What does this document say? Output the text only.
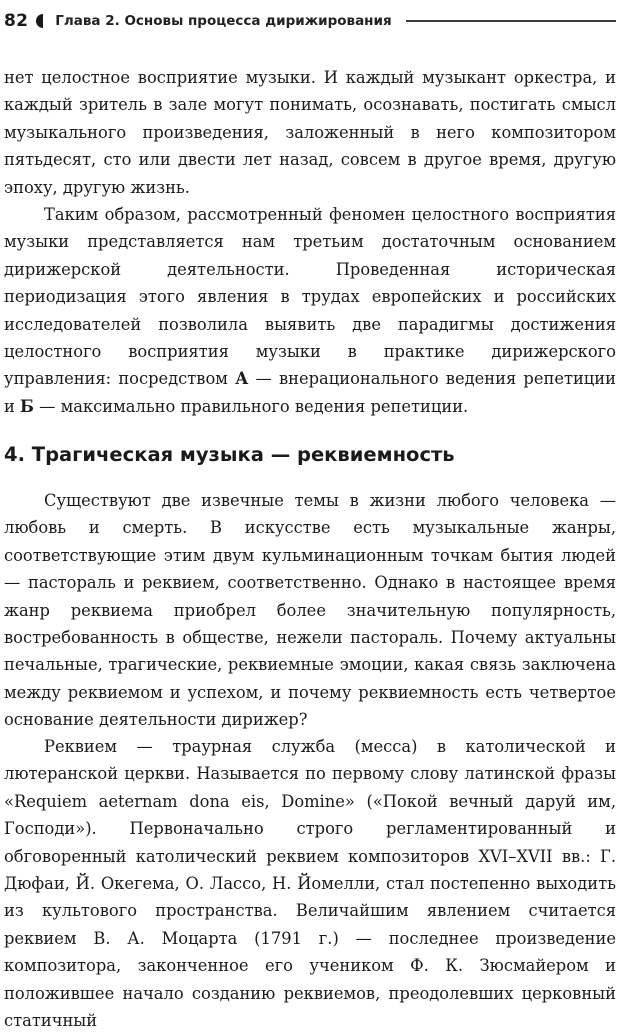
82 Глава 2. Основы процесса дирижирования

нет целостное восприятие музыки. И каждый музыкант оркестра, и каждый зритель в зале могут понимать, осознавать, постигать смысл музыкального произведения, заложенный в него композитором пятьдесят, сто или двести лет назад, совсем в другое время, другую эпоху, другую жизнь.

Таким образом, рассмотренный феномен целостного восприятия музыки представляется нам третьим достаточным основанием дирижерской деятельности. Проведенная историческая периодизация этого явления в трудах европейских и российских исследователей позволила выявить две парадигмы достижения целостного восприятия музыки в практике дирижерского управления: посредством А — внерационального ведения репетиции и Б — максимально правильного ведения репетиции.

4. Трагическая музыка — реквиемность

Существуют две извечные темы в жизни любого человека — любовь и смерть. В искусстве есть музыкальные жанры, соответствующие этим двум кульминационным точкам бытия людей — пастораль и реквием, соответственно. Однако в настоящее время жанр реквиема приобрел более значительную популярность, востребованность в обществе, нежели пастораль. Почему актуальны печальные, трагические, реквиемные эмоции, какая связь заключена между реквиемом и успехом, и почему реквиемность есть четвертое основание деятельности дирижер?

Реквием — траурная служба (месса) в католической и лютеранской церкви. Называется по первому слову латинской фразы «Requiem aeternam dona eis, Domine» («Покой вечный даруй им, Господи»). Первоначально строго регламентированный и обговоренный католический реквием композиторов XVI–XVII вв.: Г. Дюфаи, Й. Окегема, О. Лассо, Н. Йомелли, стал постепенно выходить из культового пространства. Величайшим явлением считается реквием В. А. Моцарта (1791 г.) — последнее произведение композитора, законченное его учеником Ф. К. Зюсмайером и положившее начало созданию реквиемов, преодолевших церковный статичный
